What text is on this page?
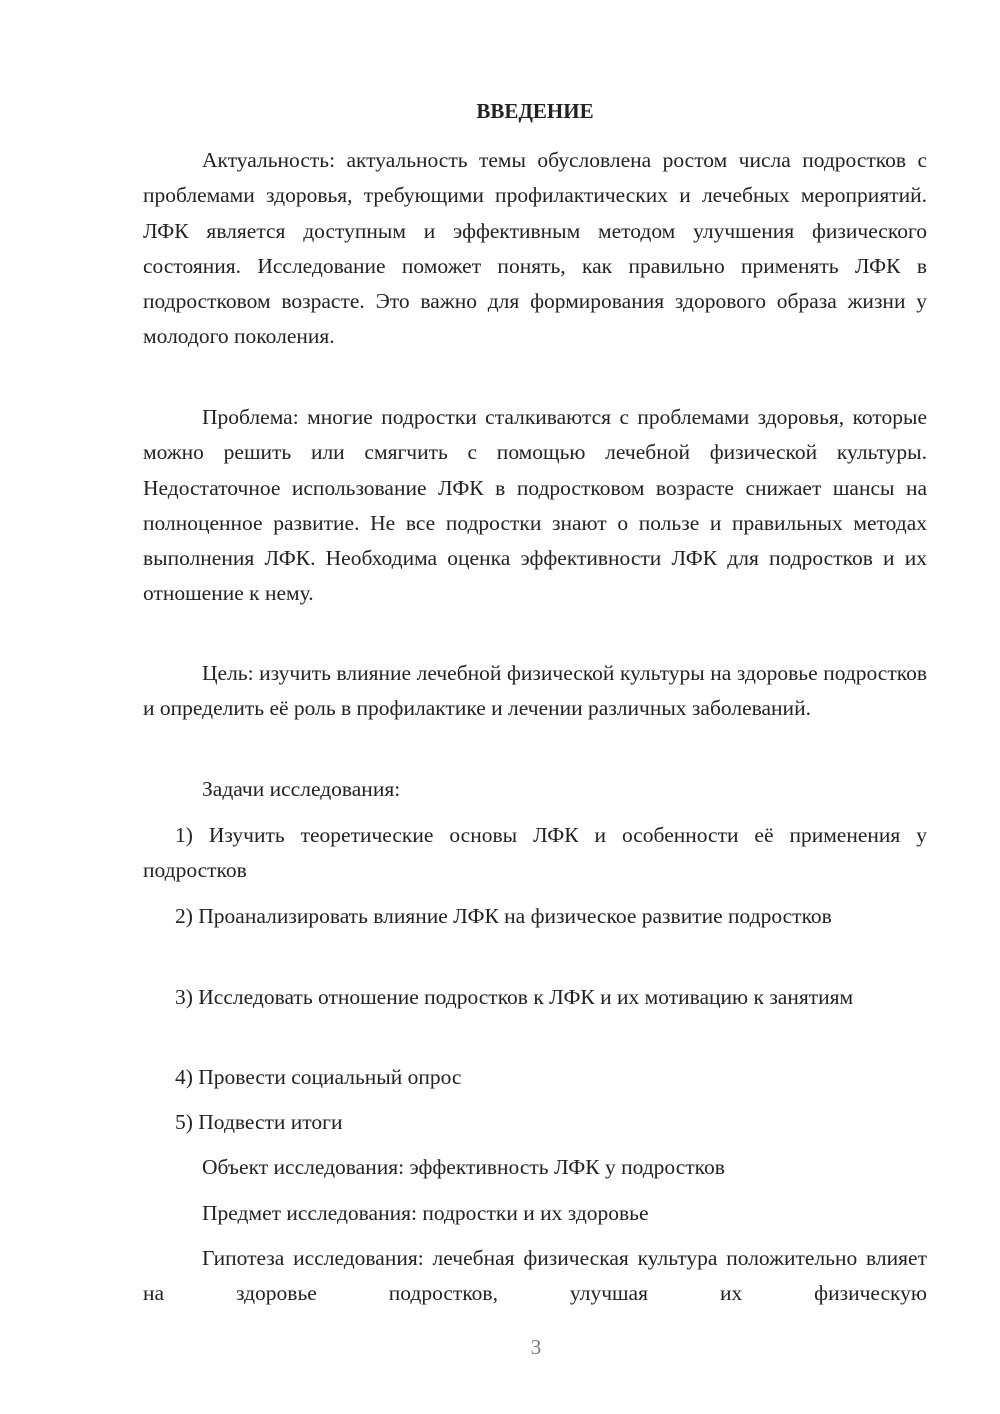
ВВЕДЕНИЕ

Актуальность: актуальность темы обусловлена ростом числа подростков с проблемами здоровья, требующими профилактических и лечебных мероприятий. ЛФК является доступным и эффективным методом улучшения физического состояния. Исследование поможет понять, как правильно применять ЛФК в подростковом возрасте. Это важно для формирования здорового образа жизни у молодого поколения.

Проблема: многие подростки сталкиваются с проблемами здоровья, которые можно решить или смягчить с помощью лечебной физической культуры. Недостаточное использование ЛФК в подростковом возрасте снижает шансы на полноценное развитие. Не все подростки знают о пользе и правильных методах выполнения ЛФК. Необходима оценка эффективности ЛФК для подростков и их отношение к нему.

Цель: изучить влияние лечебной физической культуры на здоровье подростков и определить её роль в профилактике и лечении различных заболеваний.

Задачи исследования:

1) Изучить теоретические основы ЛФК и особенности её применения у подростков

2) Проанализировать влияние ЛФК на физическое развитие подростков

3) Исследовать отношение подростков к ЛФК и их мотивацию к занятиям

4) Провести социальный опрос

5) Подвести итоги

Объект исследования: эффективность ЛФК у подростков

Предмет исследования: подростки и их здоровье

Гипотеза исследования: лечебная физическая культура положительно влияет на здоровье подростков, улучшая их физическую

3
